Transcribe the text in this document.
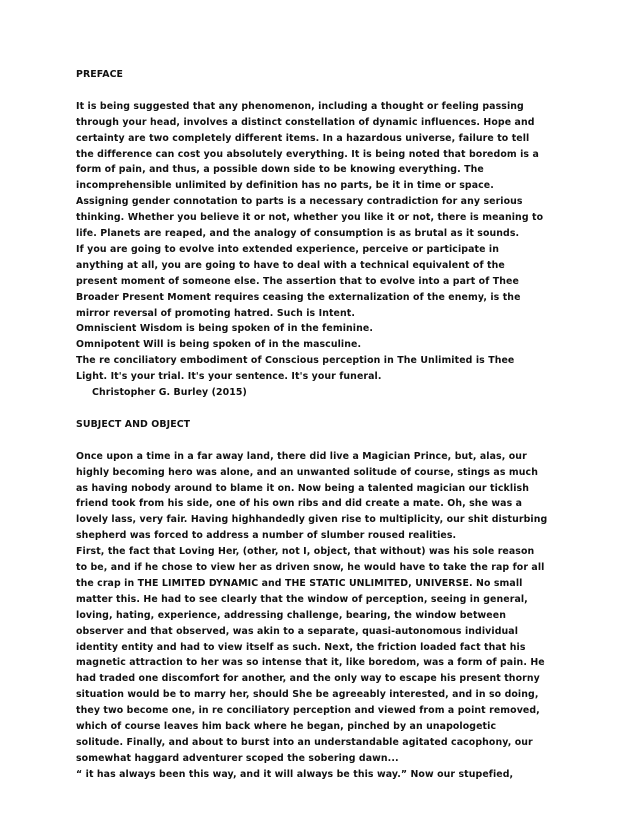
PREFACE

It is being suggested that any phenomenon, including a thought or feeling passing

through your head, involves a distinct constellation of dynamic influences. Hope and

certainty are two completely different items. In a hazardous universe, failure to tell

the difference can cost you absolutely everything. It is being noted that boredom is a

form of pain, and thus, a possible down side to be knowing everything. The

incomprehensible unlimited by definition has no parts, be it in time or space.

Assigning gender connotation to parts is a necessary contradiction for any serious

thinking. Whether you believe it or not, whether you like it or not, there is meaning to

life. Planets are reaped, and the analogy of consumption is as brutal as it sounds.

If you are going to evolve into extended experience, perceive or participate in

anything at all, you are going to have to deal with a technical equivalent of the

present moment of someone else. The assertion that to evolve into a part of Thee

Broader Present Moment requires ceasing the externalization of the enemy, is the

mirror reversal of promoting hatred. Such is Intent.

Omniscient Wisdom is being spoken of in the feminine.

Omnipotent Will is being spoken of in the masculine.

The re conciliatory embodiment of Conscious perception in The Unlimited is Thee

Light. It's your trial. It's your sentence. It's your funeral.

Christopher G. Burley (2015)

SUBJECT AND OBJECT

Once upon a time in a far away land, there did live a Magician Prince, but, alas, our

highly becoming hero was alone, and an unwanted solitude of course, stings as much

as having nobody around to blame it on. Now being a talented magician our ticklish

friend took from his side, one of his own ribs and did create a mate. Oh, she was a

lovely lass, very fair. Having highhandedly given rise to multiplicity, our shit disturbing

shepherd was forced to address a number of slumber roused realities.

First, the fact that Loving Her, (other, not I, object, that without) was his sole reason

to be, and if he chose to view her as driven snow, he would have to take the rap for all

the crap in THE LIMITED DYNAMIC and THE STATIC UNLIMITED, UNIVERSE. No small

matter this. He had to see clearly that the window of perception, seeing in general,

loving, hating, experience, addressing challenge, bearing, the window between

observer and that observed, was akin to a separate, quasi-autonomous individual

identity entity and had to view itself as such. Next, the friction loaded fact that his

magnetic attraction to her was so intense that it, like boredom, was a form of pain. He

had traded one discomfort for another, and the only way to escape his present thorny

situation would be to marry her, should She be agreeably interested, and in so doing,

they two become one, in re conciliatory perception and viewed from a point removed,

which of course leaves him back where he began, pinched by an unapologetic

solitude. Finally, and about to burst into an understandable agitated cacophony, our

somewhat haggard adventurer scoped the sobering dawn...

“ it has always been this way, and it will always be this way.” Now our stupefied,
